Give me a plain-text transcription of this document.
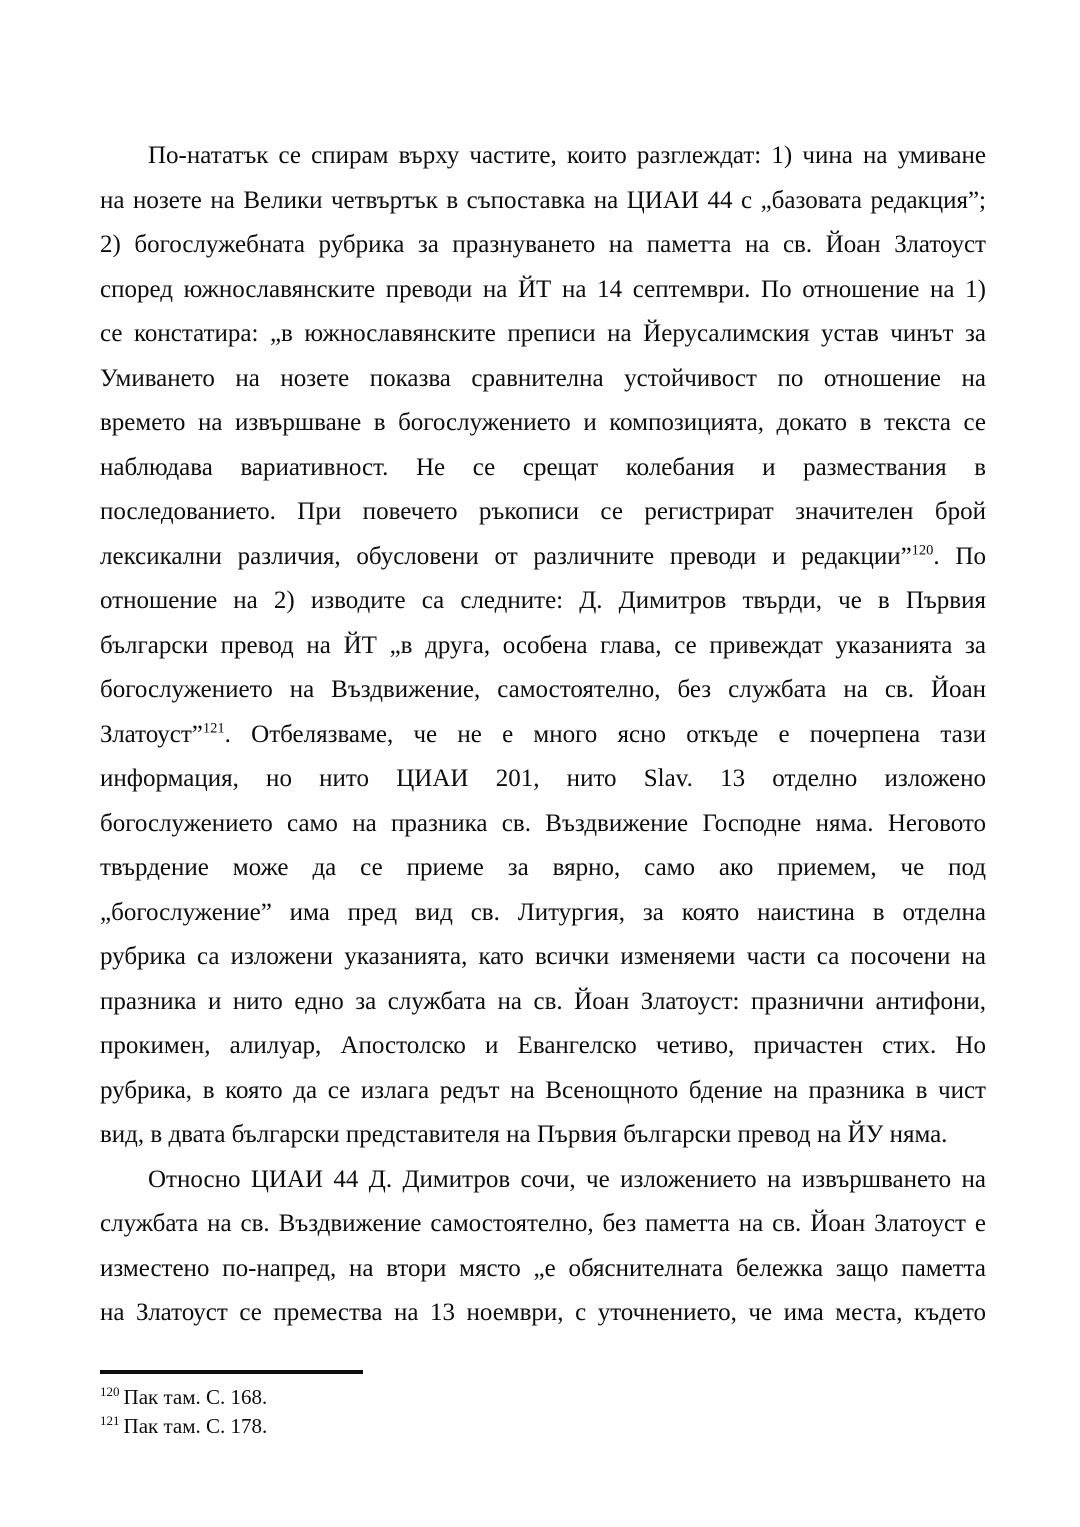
По-нататък се спирам върху частите, които разглеждат: 1) чина на умиване
на нозете на Велики четвъртък в съпоставка на ЦИАИ 44 с „базовата редакция”;
2) богослужебната рубрика за празнуването на паметта на св. Йоан Златоуст
според южнославянските преводи на ЙТ на 14 септември. По отношение на 1)
се констатира: „в южнославянските преписи на Йерусалимския устав чинът за
Умиването на нозете показва сравнителна устойчивост по отношение на
времето на извършване в богослужението и композицията, докато в текста се
наблюдава вариативност. Не се срещат колебания и размествания в
последованието. При повечето ръкописи се регистрират значителен брой
лексикални различия, обусловени от различните преводи и редакции”$^{120}$. По
отношение на 2) изводите са следните: Д. Димитров твърди, че в Първия
български превод на ЙТ „в друга, особена глава, се привеждат указанията за
богослужението на Въздвижение, самостоятелно, без службата на св. Йоан
Златоуст”$^{121}$. Отбелязваме, че не е много ясно откъде е почерпена тази
информация, но нито ЦИАИ 201, нито Slav. 13 отделно изложено
богослужението само на празника св. Въздвижение Господне няма. Неговото
твърдение може да се приеме за вярно, само ако приемем, че под
„богослужение” има пред вид св. Литургия, за която наистина в отделна
рубрика са изложени указанията, като всички изменяеми части са посочени на
празника и нито едно за службата на св. Йоан Златоуст: празнични антифони,
прокимен, алилуар, Апостолско и Евангелско четиво, причастен стих. Но
рубрика, в която да се излага редът на Всенощното бдение на празника в чист
вид, в двата български представителя на Първия български превод на ЙУ няма.
Относно ЦИАИ 44 Д. Димитров сочи, че изложението на извършването на
службата на св. Въздвижение самостоятелно, без паметта на св. Йоан Златоуст е
изместено по-напред, на втори място „е обяснителната бележка защо паметта
на Златоуст се премества на 13 ноември, с уточнението, че има места, където
$^{120}$ Пак там. С. 168.
$^{121}$ Пак там. С. 178.
